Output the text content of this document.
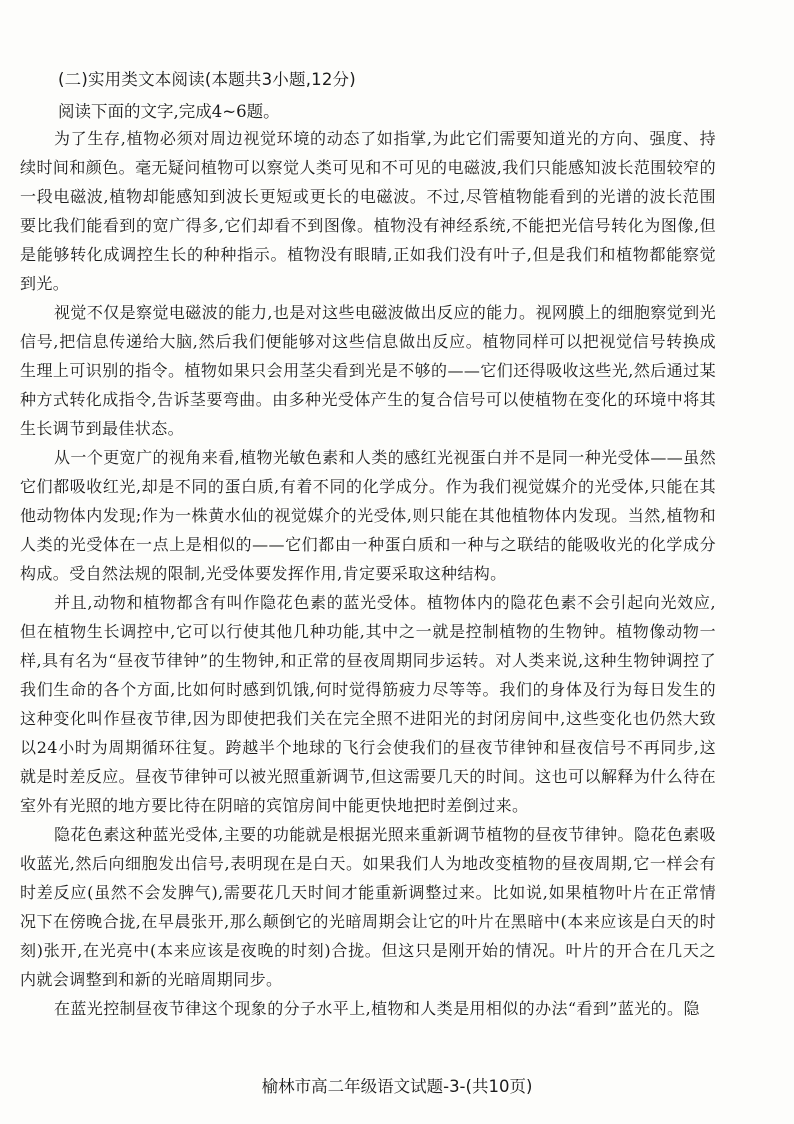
(二)实用类文本阅读(本题共3小题,12分)
阅读下面的文字,完成4~6题。

为了生存,植物必须对周边视觉环境的动态了如指掌,为此它们需要知道光的方向、强度、持续时间和颜色。毫无疑问植物可以察觉人类可见和不可见的电磁波,我们只能感知波长范围较窄的一段电磁波,植物却能感知到波长更短或更长的电磁波。不过,尽管植物能看到的光谱的波长范围要比我们能看到的宽广得多,它们却看不到图像。植物没有神经系统,不能把光信号转化为图像,但是能够转化成调控生长的种种指示。植物没有眼睛,正如我们没有叶子,但是我们和植物都能察觉到光。

视觉不仅是察觉电磁波的能力,也是对这些电磁波做出反应的能力。视网膜上的细胞察觉到光信号,把信息传递给大脑,然后我们便能够对这些信息做出反应。植物同样可以把视觉信号转换成生理上可识别的指令。植物如果只会用茎尖看到光是不够的——它们还得吸收这些光,然后通过某种方式转化成指令,告诉茎要弯曲。由多种光受体产生的复合信号可以使植物在变化的环境中将其生长调节到最佳状态。

从一个更宽广的视角来看,植物光敏色素和人类的感红光视蛋白并不是同一种光受体——虽然它们都吸收红光,却是不同的蛋白质,有着不同的化学成分。作为我们视觉媒介的光受体,只能在其他动物体内发现;作为一株黄水仙的视觉媒介的光受体,则只能在其他植物体内发现。当然,植物和人类的光受体在一点上是相似的——它们都由一种蛋白质和一种与之联结的能吸收光的化学成分构成。受自然法规的限制,光受体要发挥作用,肯定要采取这种结构。

并且,动物和植物都含有叫作隐花色素的蓝光受体。植物体内的隐花色素不会引起向光效应,但在植物生长调控中,它可以行使其他几种功能,其中之一就是控制植物的生物钟。植物像动物一样,具有名为“昼夜节律钟”的生物钟,和正常的昼夜周期同步运转。对人类来说,这种生物钟调控了我们生命的各个方面,比如何时感到饥饿,何时觉得筋疲力尽等等。我们的身体及行为每日发生的这种变化叫作昼夜节律,因为即使把我们关在完全照不进阳光的封闭房间中,这些变化也仍然大致以24小时为周期循环往复。跨越半个地球的飞行会使我们的昼夜节律钟和昼夜信号不再同步,这就是时差反应。昼夜节律钟可以被光照重新调节,但这需要几天的时间。这也可以解释为什么待在室外有光照的地方要比待在阴暗的宾馆房间中能更快地把时差倒过来。

隐花色素这种蓝光受体,主要的功能就是根据光照来重新调节植物的昼夜节律钟。隐花色素吸收蓝光,然后向细胞发出信号,表明现在是白天。如果我们人为地改变植物的昼夜周期,它一样会有时差反应(虽然不会发脾气),需要花几天时间才能重新调整过来。比如说,如果植物叶片在正常情况下在傍晚合拢,在早晨张开,那么颠倒它的光暗周期会让它的叶片在黑暗中(本来应该是白天的时刻)张开,在光亮中(本来应该是夜晚的时刻)合拢。但这只是刚开始的情况。叶片的开合在几天之内就会调整到和新的光暗周期同步。

在蓝光控制昼夜节律这个现象的分子水平上,植物和人类是用相似的办法“看到”蓝光的。隐

榆林市高二年级语文试题-3-(共10页)
